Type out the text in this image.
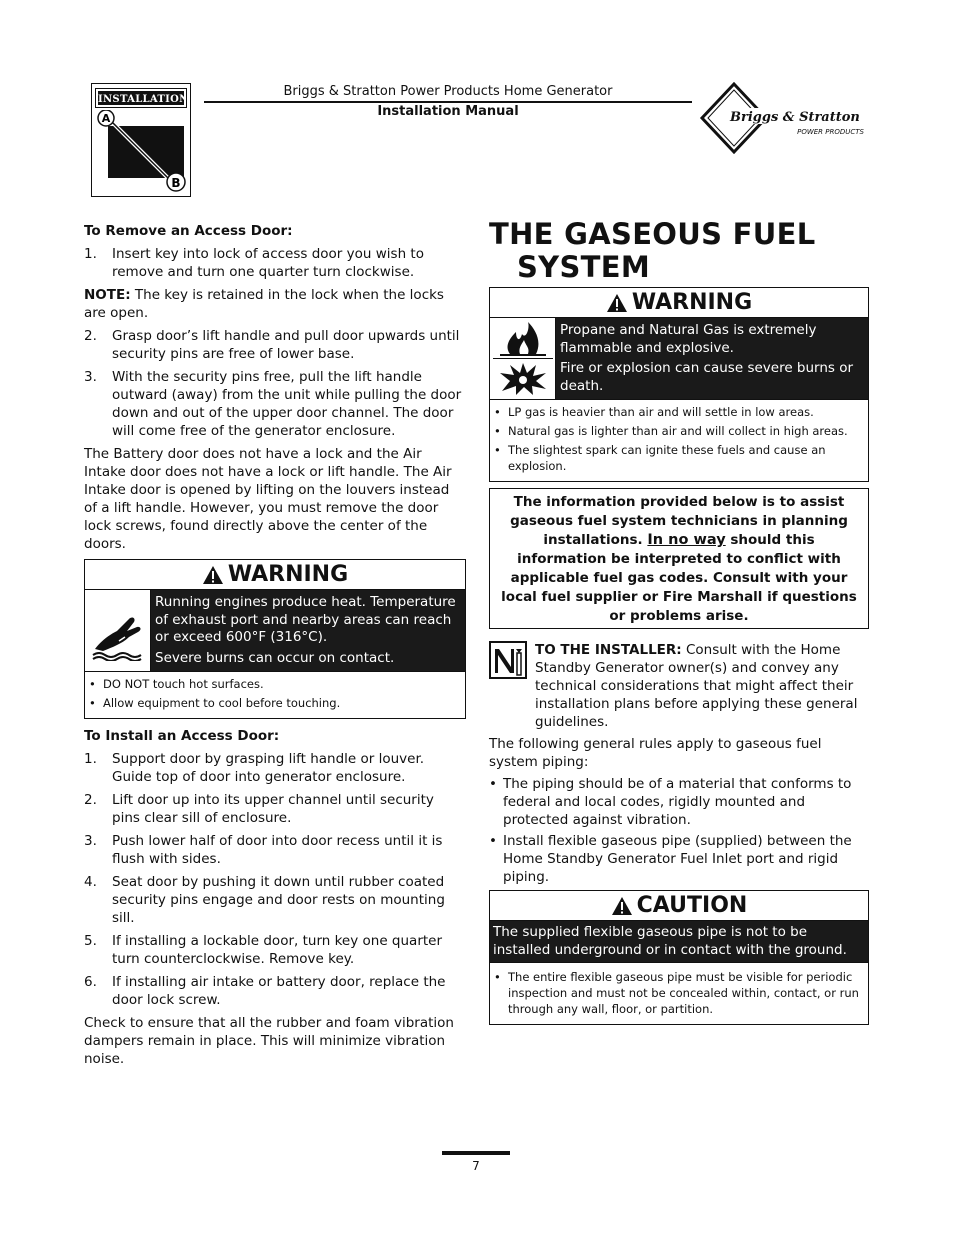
INSTALLATION
A
B
Briggs & Stratton Power Products Home Generator
Installation Manual	Briggs & Stratton
POWER PRODUCTS
To Remove an Access Door:
1. Insert key into lock of access door you wish to remove and turn one quarter turn clockwise.

NOTE: The key is retained in the lock when the locks are open.

2. Grasp door’s lift handle and pull door upwards until security pins are free of lower base.
3. With the security pins free, pull the lift handle outward (away) from the unit while pulling the door down and out of the upper door channel. The door will come free of the generator enclosure.

The Battery door does not have a lock and the Air Intake door does not have a lock or lift handle. The Air Intake door is opened by lifting on the louvers instead of a lift handle. However, you must remove the door lock screws, found directly above the center of the doors.

WARNING
Running engines produce heat. Temperature of exhaust port and nearby areas can reach or exceed 600°F (316°C).
Severe burns can occur on contact.
• DO NOT touch hot surfaces.
• Allow equipment to cool before touching.
To Install an Access Door:
1. Support door by grasping lift handle or louver. Guide top of door into generator enclosure.
2. Lift door up into its upper channel until security pins clear sill of enclosure.
3. Push lower half of door into door recess until it is flush with sides.
4. Seat door by pushing it down until rubber coated security pins engage and door rests on mounting sill.
5. If installing a lockable door, turn key one quarter turn counterclockwise. Remove key.
6. If installing air intake or battery door, replace the door lock screw.

Check to ensure that all the rubber and foam vibration dampers remain in place. This will minimize vibration noise.

THE GASEOUS FUEL
SYSTEM
WARNING
Propane and Natural Gas is extremely flammable and explosive.
Fire or explosion can cause severe burns or death.
• LP gas is heavier than air and will settle in low areas.
• Natural gas is lighter than air and will collect in high areas.
• The slightest spark can ignite these fuels and cause an explosion.
The information provided below is to assist gaseous fuel system technicians in planning installations. In no way should this information be interpreted to conflict with applicable fuel gas codes. Consult with your local fuel supplier or Fire Marshall if questions or problems arise.
TO THE INSTALLER: Consult with the Home Standby Generator owner(s) and convey any technical considerations that might affect their installation plans before applying these general guidelines.

The following general rules apply to gaseous fuel system piping:

• The piping should be of a material that conforms to federal and local codes, rigidly mounted and protected against vibration.
• Install flexible gaseous pipe (supplied) between the Home Standby Generator Fuel Inlet port and rigid piping.
CAUTION
The supplied flexible gaseous pipe is not to be installed underground or in contact with the ground.
• The entire flexible gaseous pipe must be visible for periodic inspection and must not be concealed within, contact, or run through any wall, floor, or partition.
7
